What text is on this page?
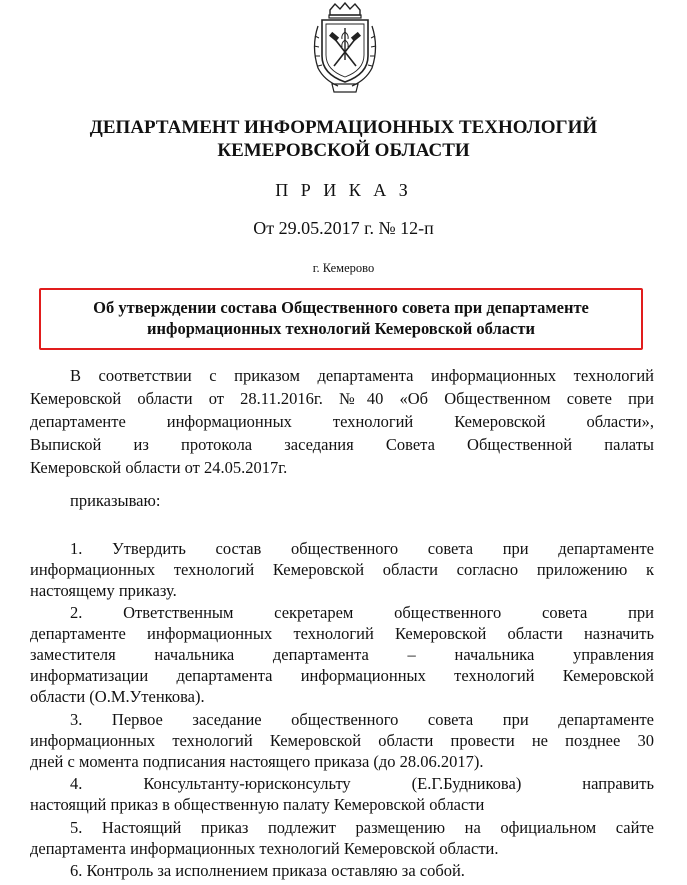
ДЕПАРТАМЕНТ ИНФОРМАЦИОННЫХ ТЕХНОЛОГИЙ
КЕМЕРОВСКОЙ ОБЛАСТИ
П Р И К А З
От 29.05.2017 г. № 12-п
г. Кемерово
Об утверждении состава Общественного совета при департаменте
информационных технологий Кемеровской области
В соответствии с приказом департамента информационных технологий
Кемеровской области от 28.11.2016г. №40 «Об Общественном совете при
департаменте информационных технологий Кемеровской области»,
Выпиской из протокола заседания Совета Общественной палаты
Кемеровской области от 24.05.2017г.
приказываю:
1. Утвердить состав общественного совета при департаменте
информационных технологий Кемеровской области согласно приложению к
настоящему приказу.
2. Ответственным секретарем общественного совета при
департаменте информационных технологий Кемеровской области назначить
заместителя начальника департамента – начальника управления
информатизации департамента информационных технологий Кемеровской
области (О.М.Утенкова).
3. Первое заседание общественного совета при департаменте
информационных технологий Кемеровской области провести не позднее 30
дней с момента подписания настоящего приказа (до 28.06.2017).
4. Консультанту-юрисконсульту (Е.Г.Будникова) направить
настоящий приказ в общественную палату Кемеровской области
5. Настоящий приказ подлежит размещению на официальном сайте
департамента информационных технологий Кемеровской области.
6. Контроль за исполнением приказа оставляю за собой.
